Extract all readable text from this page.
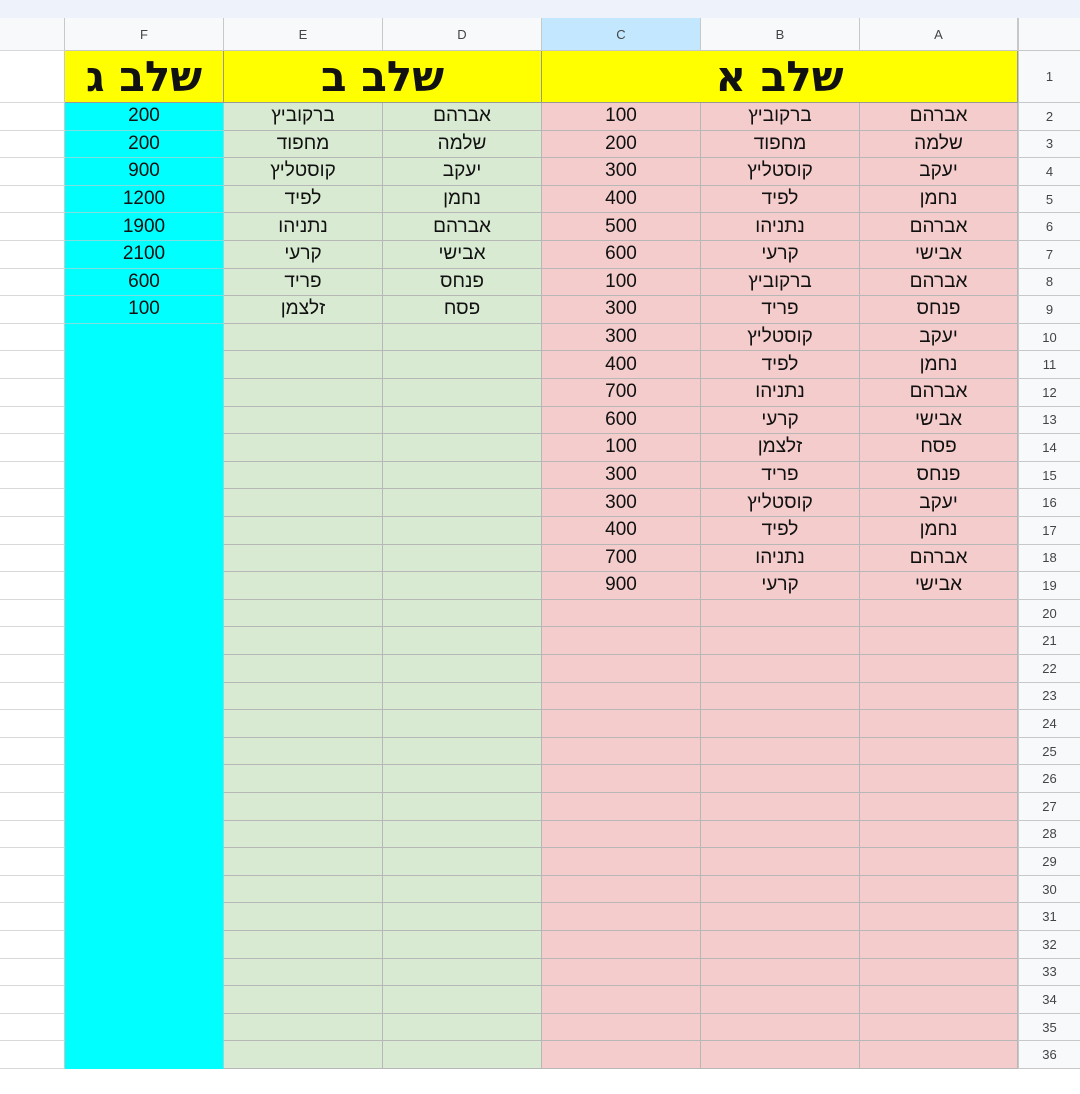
A
B
C
D
E
F
שלב א
שלב ב
שלב ג
אברהם
ברקוביץ
100
אברהם
ברקוביץ
200
שלמה
מחפוד
200
שלמה
מחפוד
200
יעקב
קוסטליץ
300
יעקב
קוסטליץ
900
נחמן
לפיד
400
נחמן
לפיד
1200
אברהם
נתניהו
500
אברהם
נתניהו
1900
אבישי
קרעי
600
אבישי
קרעי
2100
אברהם
ברקוביץ
100
פנחס
פריד
600
פנחס
פריד
300
פסח
זלצמן
100
יעקב
קוסטליץ
300
נחמן
לפיד
400
אברהם
נתניהו
700
אבישי
קרעי
600
פסח
זלצמן
100
פנחס
פריד
300
יעקב
קוסטליץ
300
נחמן
לפיד
400
אברהם
נתניהו
700
אבישי
קרעי
900
1
2
3
4
5
6
7
8
9
10
11
12
13
14
15
16
17
18
19
20
21
22
23
24
25
26
27
28
29
30
31
32
33
34
35
36
